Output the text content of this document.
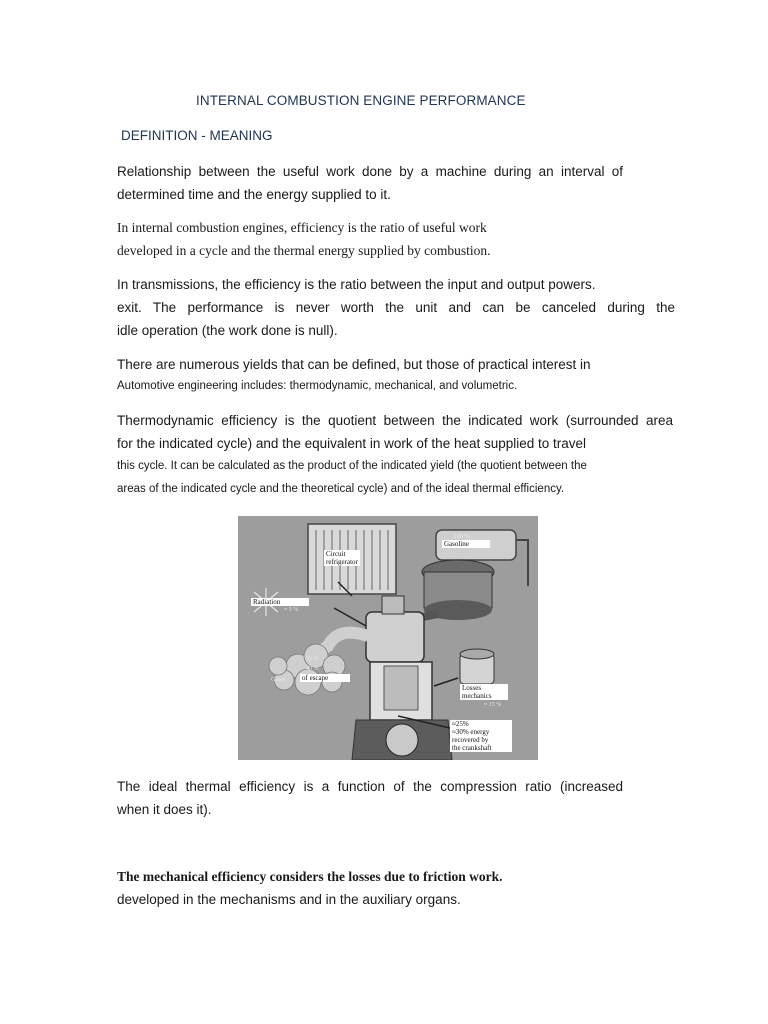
INTERNAL COMBUSTION ENGINE PERFORMANCE
DEFINITION - MEANING
Relationship between the useful work done by a machine during an interval of
determined time and the energy supplied to it.
In internal combustion engines, efficiency is the ratio of useful work
developed in a cycle and the thermal energy supplied by combustion.
In transmissions, the efficiency is the ratio between the input and output powers.
exit. The performance is never worth the unit and can be canceled during the
idle operation (the work done is null).
There are numerous yields that can be defined, but those of practical interest in
Automotive engineering includes: thermodynamic, mechanical, and volumetric.
Thermodynamic efficiency is the quotient between the indicated work (surrounded area
for the indicated cycle) and the equivalent in work of the heat supplied to travel
this cycle. It can be calculated as the product of the indicated yield (the quotient between the
areas of the indicated cycle and the theoretical cycle) and of the ideal thermal efficiency.
Circuit
refrigerator
Gasoline
100 %
Radiation
≈ 5 %
35 %
40 %
Gases of escape
Losses
mechanics
≈ 15 %
≈25%
≈30% energy
recovered by
the crankshaft
The ideal thermal efficiency is a function of the compression ratio (increased
when it does it).
The mechanical efficiency considers the losses due to friction work.
developed in the mechanisms and in the auxiliary organs.
